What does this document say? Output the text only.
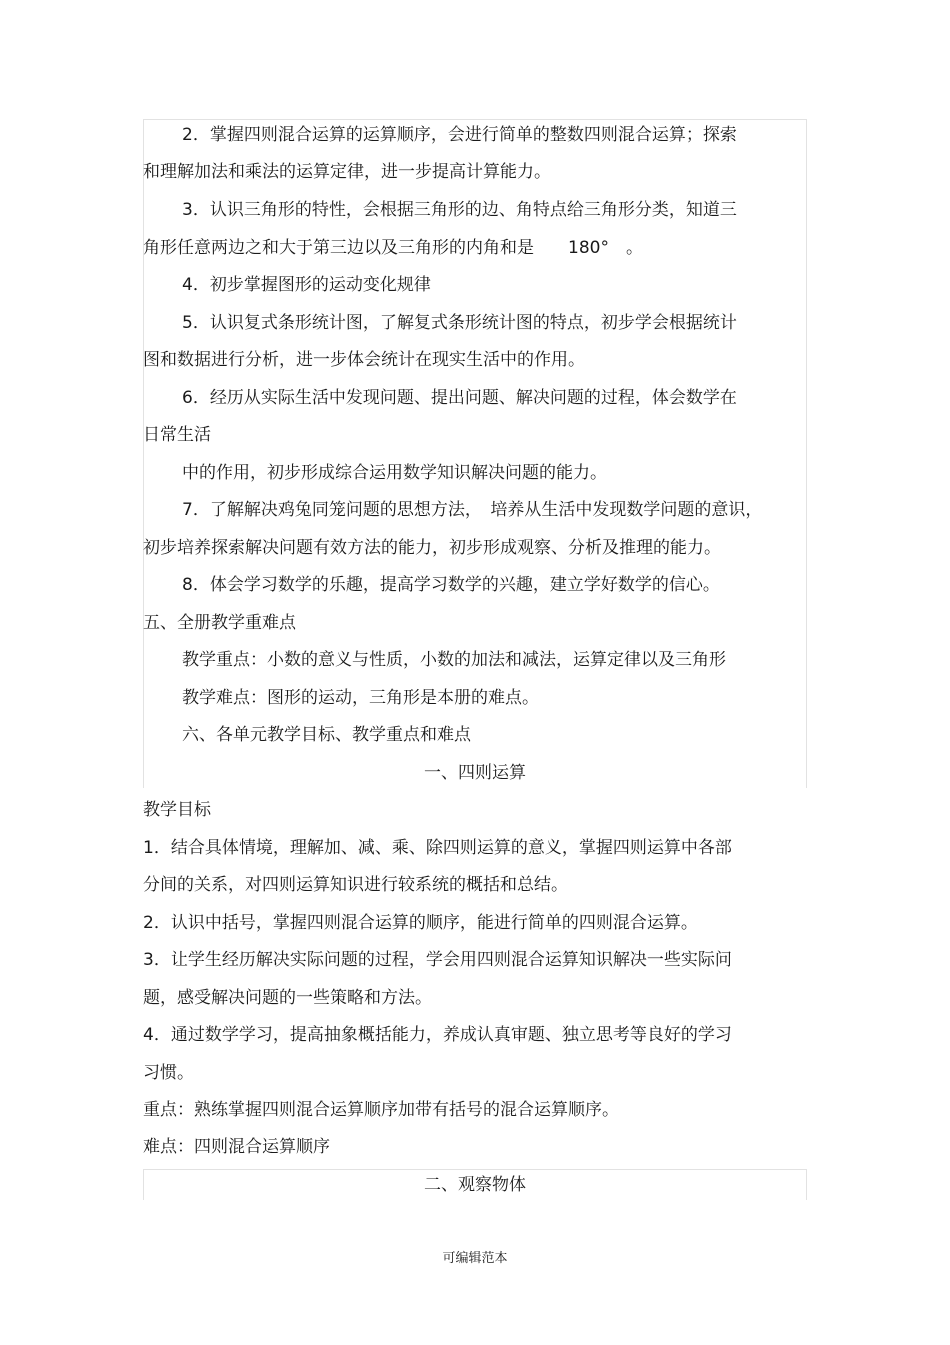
2．掌握四则混合运算的运算顺序，会进行简单的整数四则混合运算；探索
和理解加法和乘法的运算定律，进一步提高计算能力。
3．认识三角形的特性，会根据三角形的边、角特点给三角形分类，知道三
角形任意两边之和大于第三边以及三角形的内角和是　　180°　。
4．初步掌握图形的运动变化规律
5．认识复式条形统计图，了解复式条形统计图的特点，初步学会根据统计
图和数据进行分析，进一步体会统计在现实生活中的作用。
6．经历从实际生活中发现问题、提出问题、解决问题的过程，体会数学在
日常生活
中的作用，初步形成综合运用数学知识解决问题的能力。
7．了解解决鸡兔同笼问题的思想方法，　培养从生活中发现数学问题的意识，
初步培养探索解决问题有效方法的能力，初步形成观察、分析及推理的能力。
8．体会学习数学的乐趣，提高学习数学的兴趣，建立学好数学的信心。
五、全册教学重难点
教学重点：小数的意义与性质，小数的加法和减法，运算定律以及三角形
教学难点：图形的运动，三角形是本册的难点。
六、各单元教学目标、教学重点和难点
一、四则运算
教学目标
1．结合具体情境，理解加、减、乘、除四则运算的意义，掌握四则运算中各部
分间的关系，对四则运算知识进行较系统的概括和总结。
2．认识中括号，掌握四则混合运算的顺序，能进行简单的四则混合运算。
3．让学生经历解决实际问题的过程，学会用四则混合运算知识解决一些实际问
题，感受解决问题的一些策略和方法。
4．通过数学学习，提高抽象概括能力，养成认真审题、独立思考等良好的学习
习惯。
重点：熟练掌握四则混合运算顺序加带有括号的混合运算顺序。
难点：四则混合运算顺序
二、观察物体
可编辑范本
